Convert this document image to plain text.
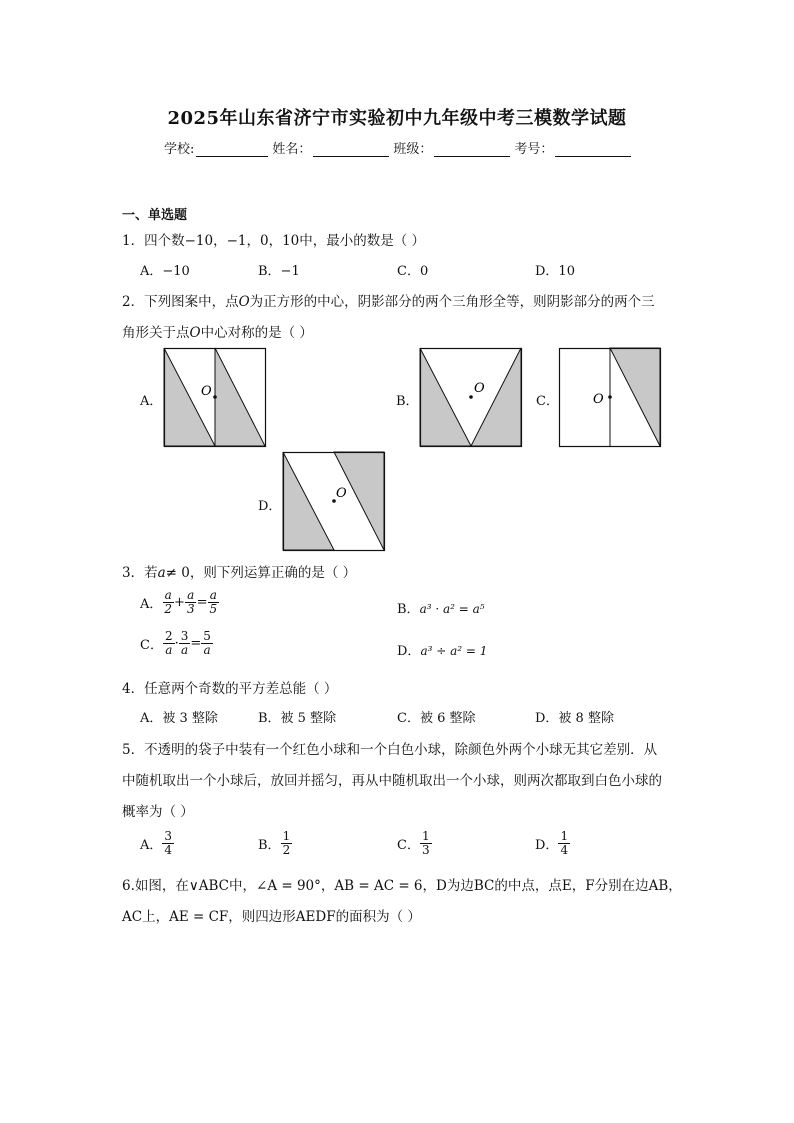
2025年山东省济宁市实验初中九年级中考三模数学试题
学校:	姓名：	班级：	考号：
一、单选题
1．四个数−10，−1，0，10中，最小的数是（ ）
A．−10	B．−1	C．0	D．10
2．下列图案中，点O为正方形的中心，阴影部分的两个三角形全等，则阴影部分的两个三
角形关于点O中心对称的是（ ）
A．	B．	C．
D．
O	O
O
O
3．若a≠ 0，则下列运算正确的是（ ）
A． $\frac{a}{2} + \frac{a}{3} = \frac{a}{5}$	B．a³ · a² = a⁵
C． $\frac{2}{a} \cdot \frac{3}{a} = \frac{5}{a}$	D．a³ ÷ a² = 1
4．任意两个奇数的平方差总能（ ）
A．被 3 整除	B．被 5 整除	C．被 6 整除	D．被 8 整除
5．不透明的袋子中装有一个红色小球和一个白色小球，除颜色外两个小球无其它差别．从
中随机取出一个小球后，放回并摇匀，再从中随机取出一个小球，则两次都取到白色小球的
概率为（ ）
A． $\frac{3}{4}$	B． $\frac{1}{2}$	C． $\frac{1}{3}$	D． $\frac{1}{4}$
6.如图，在∨ABC中，∠A = 90°，AB = AC = 6，D为边BC的中点，点E，F分别在边AB，
AC上，AE = CF，则四边形AEDF的面积为（ ）
